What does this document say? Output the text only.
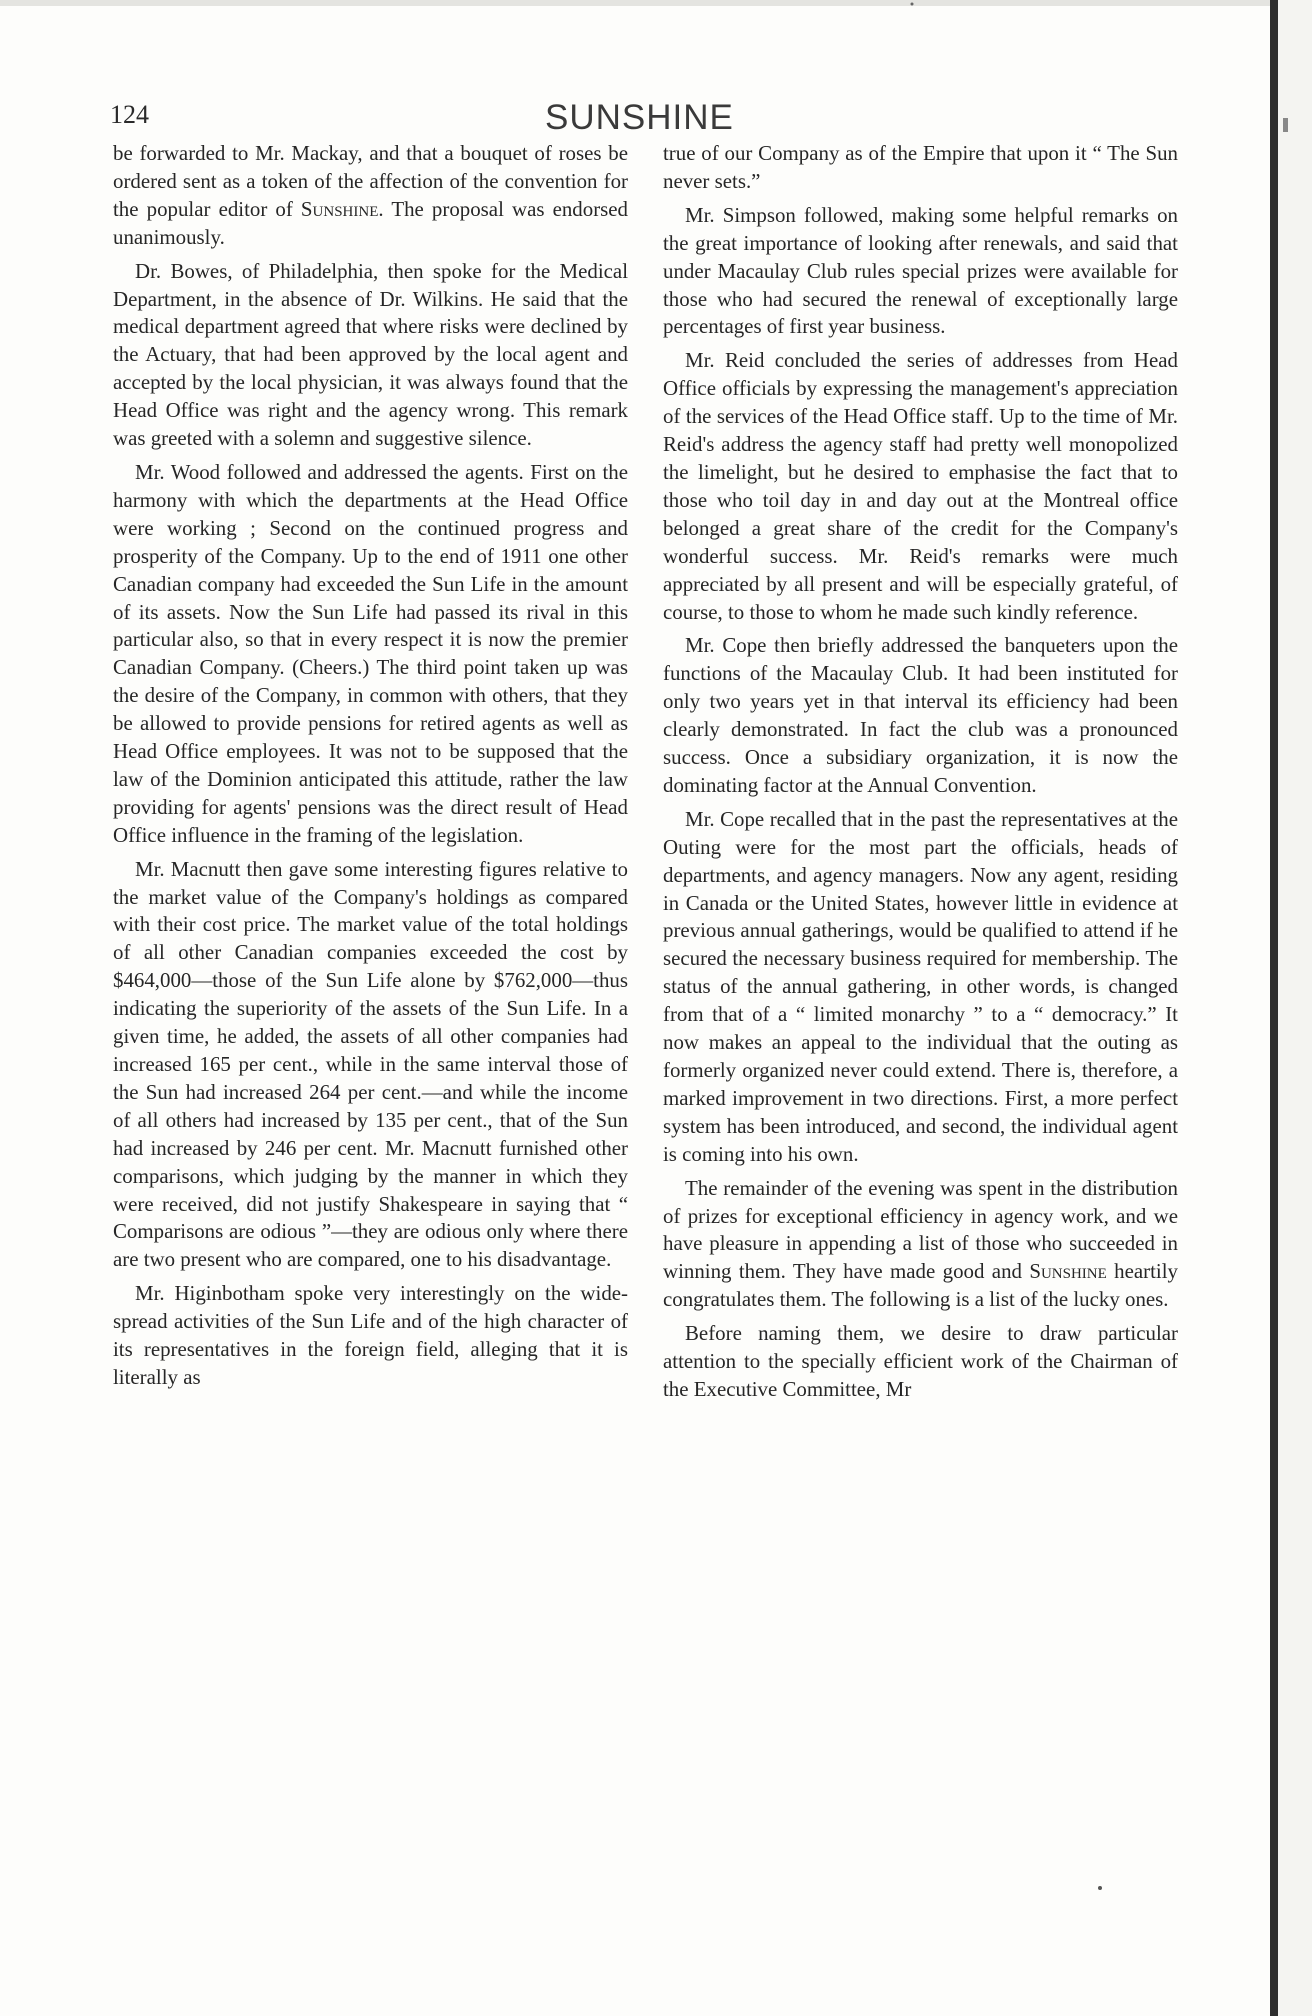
124	SUNSHINE

be forwarded to Mr. Mackay, and that a bouquet of roses be ordered sent as a token of the affection of the convention for the popular editor of Sunshine. The proposal was endorsed unanimously.

Dr. Bowes, of Philadelphia, then spoke for the Medical Department, in the absence of Dr. Wilkins. He said that the medical department agreed that where risks were declined by the Actuary, that had been approved by the local agent and accepted by the local physician, it was always found that the Head Office was right and the agency wrong. This remark was greeted with a solemn and suggestive silence.

Mr. Wood followed and addressed the agents. First on the harmony with which the departments at the Head Office were working ; Second on the continued progress and prosperity of the Company. Up to the end of 1911 one other Canadian company had exceeded the Sun Life in the amount of its assets. Now the Sun Life had passed its rival in this particular also, so that in every respect it is now the premier Canadian Company. (Cheers.) The third point taken up was the desire of the Company, in common with others, that they be allowed to provide pensions for retired agents as well as Head Office employees. It was not to be supposed that the law of the Dominion anticipated this attitude, rather the law providing for agents' pensions was the direct result of Head Office influence in the framing of the legislation.

Mr. Macnutt then gave some interesting figures relative to the market value of the Company's holdings as compared with their cost price. The market value of the total holdings of all other Canadian companies exceeded the cost by $464,000—those of the Sun Life alone by $762,000—thus indicating the superiority of the assets of the Sun Life. In a given time, he added, the assets of all other companies had increased 165 per cent., while in the same interval those of the Sun had increased 264 per cent.—and while the income of all others had increased by 135 per cent., that of the Sun had increased by 246 per cent. Mr. Macnutt furnished other comparisons, which judging by the manner in which they were received, did not justify Shakespeare in saying that “ Comparisons are odious ”—they are odious only where there are two present who are compared, one to his disadvantage.

Mr. Higinbotham spoke very interestingly on the wide-spread activities of the Sun Life and of the high character of its representatives in the foreign field, alleging that it is literally as

true of our Company as of the Empire that upon it “ The Sun never sets.”

Mr. Simpson followed, making some helpful remarks on the great importance of looking after renewals, and said that under Macaulay Club rules special prizes were available for those who had secured the renewal of exceptionally large percentages of first year business.

Mr. Reid concluded the series of addresses from Head Office officials by expressing the management's appreciation of the services of the Head Office staff. Up to the time of Mr. Reid's address the agency staff had pretty well monopolized the limelight, but he desired to emphasise the fact that to those who toil day in and day out at the Montreal office belonged a great share of the credit for the Company's wonderful success. Mr. Reid's remarks were much appreciated by all present and will be especially grateful, of course, to those to whom he made such kindly reference.

Mr. Cope then briefly addressed the banqueters upon the functions of the Macaulay Club. It had been instituted for only two years yet in that interval its efficiency had been clearly demonstrated. In fact the club was a pronounced success. Once a subsidiary organization, it is now the dominating factor at the Annual Convention.

Mr. Cope recalled that in the past the representatives at the Outing were for the most part the officials, heads of departments, and agency managers. Now any agent, residing in Canada or the United States, however little in evidence at previous annual gatherings, would be qualified to attend if he secured the necessary business required for membership. The status of the annual gathering, in other words, is changed from that of a “ limited monarchy ” to a “ democracy.” It now makes an appeal to the individual that the outing as formerly organized never could extend. There is, therefore, a marked improvement in two directions. First, a more perfect system has been introduced, and second, the individual agent is coming into his own.

The remainder of the evening was spent in the distribution of prizes for exceptional efficiency in agency work, and we have pleasure in appending a list of those who succeeded in winning them. They have made good and Sunshine heartily congratulates them. The following is a list of the lucky ones.

Before naming them, we desire to draw particular attention to the specially efficient work of the Chairman of the Executive Committee, Mr
